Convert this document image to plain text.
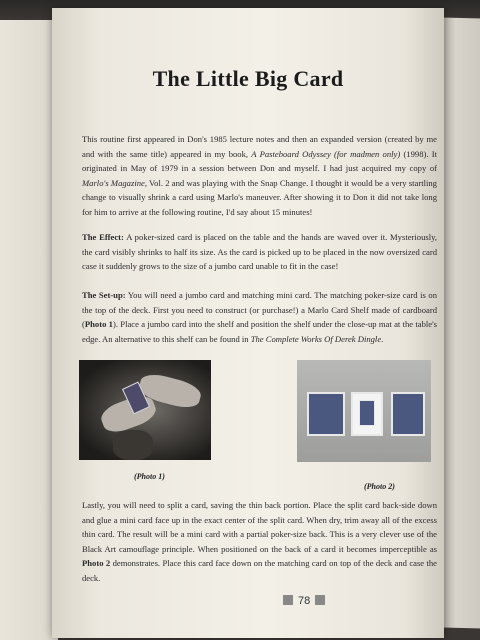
The Little Big Card
This routine first appeared in Don's 1985 lecture notes and then an expanded version (created by me and with the same title) appeared in my book, A Pasteboard Odyssey (for madmen only) (1998). It originated in May of 1979 in a session between Don and myself. I had just acquired my copy of Marlo's Magazine, Vol. 2 and was playing with the Snap Change. I thought it would be a very startling change to visually shrink a card using Marlo's maneuver. After showing it to Don it did not take long for him to arrive at the following routine, I'd say about 15 minutes!
The Effect: A poker-sized card is placed on the table and the hands are waved over it. Mysteriously, the card visibly shrinks to half its size. As the card is picked up to be placed in the now oversized card case it suddenly grows to the size of a jumbo card unable to fit in the case!
The Set-up: You will need a jumbo card and matching mini card. The matching poker-size card is on the top of the deck. First you need to construct (or purchase!) a Marlo Card Shelf made of cardboard (Photo 1). Place a jumbo card into the shelf and position the shelf under the close-up mat at the table's edge. An alternative to this shelf can be found in The Complete Works Of Derek Dingle.
Lastly, you will need to split a card, saving the thin back portion. Place the split card back-side down and glue a mini card face up in the exact center of the split card. When dry, trim away all of the excess thin card. The result will be a mini card with a partial poker-size back. This is a very clever use of the Black Art camouflage principle. When positioned on the back of a card it becomes imperceptible as Photo 2 demonstrates. Place this card face down on the matching card on top of the deck and case the deck.
(Photo 1)
(Photo 2)
78
